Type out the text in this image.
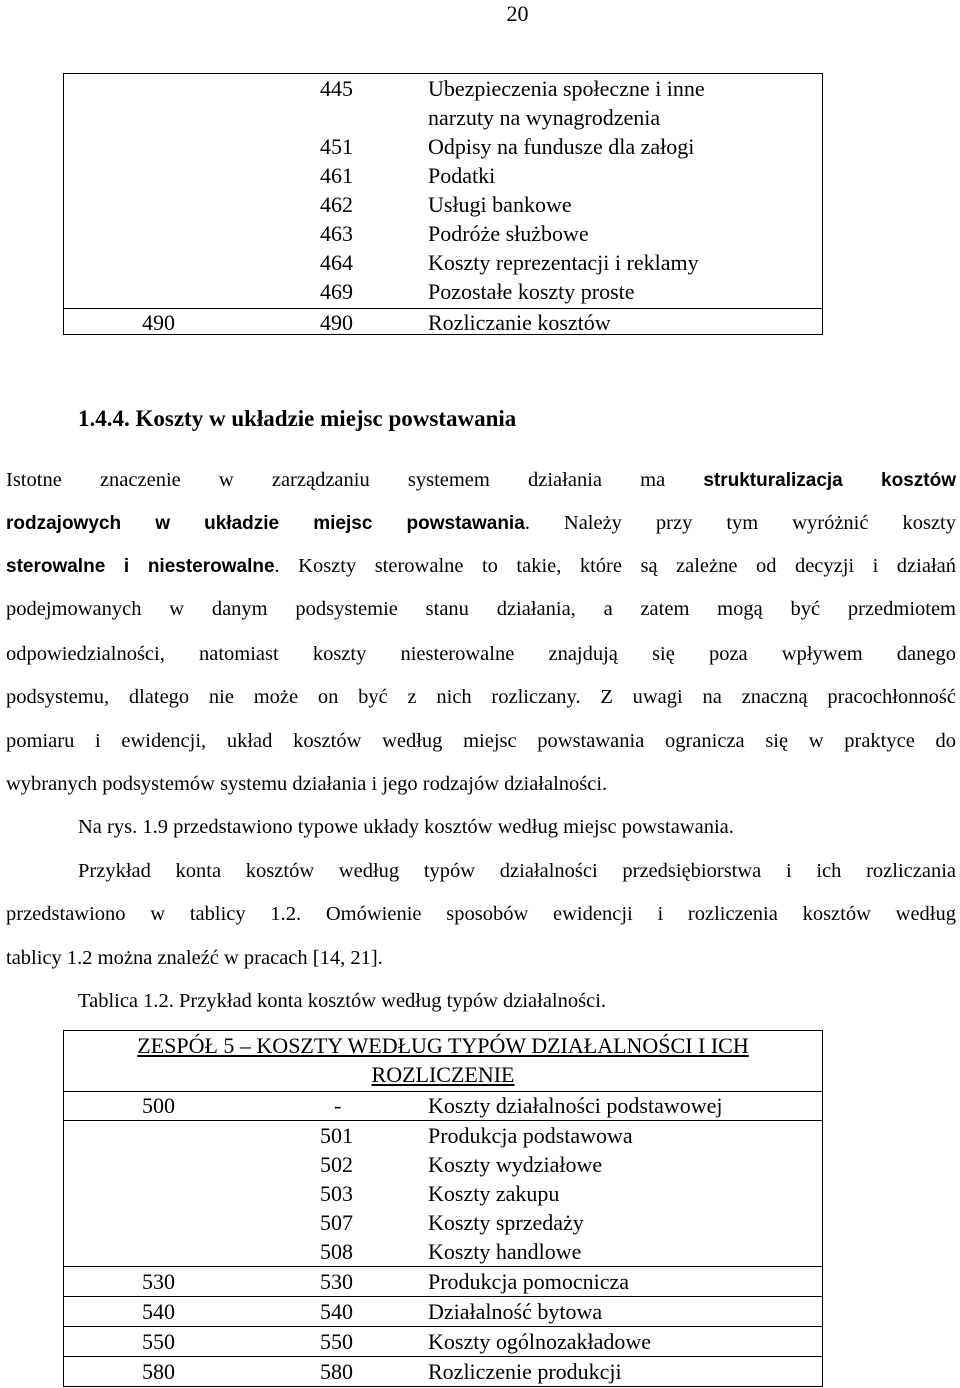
20
445	Ubezpieczenia społeczne i inne
narzuty na wynagrodzenia
451	Odpisy na fundusze dla załogi
461	Podatki
462	Usługi bankowe
463	Podróże służbowe
464	Koszty reprezentacji i reklamy
469	Pozostałe koszty proste
490	490	Rozliczanie kosztów
1.4.4. Koszty w układzie miejsc powstawania
Istotne znaczenie w zarządzaniu systemem działania ma strukturalizacja kosztów
rodzajowych w układzie miejsc powstawania. Należy przy tym wyróżnić koszty
sterowalne i niesterowalne. Koszty sterowalne to takie, które są zależne od decyzji i działań
podejmowanych w danym podsystemie stanu działania, a zatem mogą być przedmiotem
odpowiedzialności, natomiast koszty niesterowalne znajdują się poza wpływem danego
podsystemu, dlatego nie może on być z nich rozliczany. Z uwagi na znaczną pracochłonność
pomiaru i ewidencji, układ kosztów według miejsc powstawania ogranicza się w praktyce do
wybranych podsystemów systemu działania i jego rodzajów działalności.
Na rys. 1.9 przedstawiono typowe układy kosztów według miejsc powstawania.
Przykład konta kosztów według typów działalności przedsiębiorstwa i ich rozliczania
przedstawiono w tablicy 1.2. Omówienie sposobów ewidencji i rozliczenia kosztów według
tablicy 1.2 można znaleźć w pracach [14, 21].
Tablica 1.2. Przykład konta kosztów według typów działalności.
ZESPÓŁ 5 – KOSZTY WEDŁUG TYPÓW DZIAŁALNOŚCI I ICH
ROZLICZENIE
500	-	Koszty działalności podstawowej
501	Produkcja podstawowa
502	Koszty wydziałowe
503	Koszty zakupu
507	Koszty sprzedaży
508	Koszty handlowe
530	530	Produkcja pomocnicza
540	540	Działalność bytowa
550	550	Koszty ogólnozakładowe
580	580	Rozliczenie produkcji
